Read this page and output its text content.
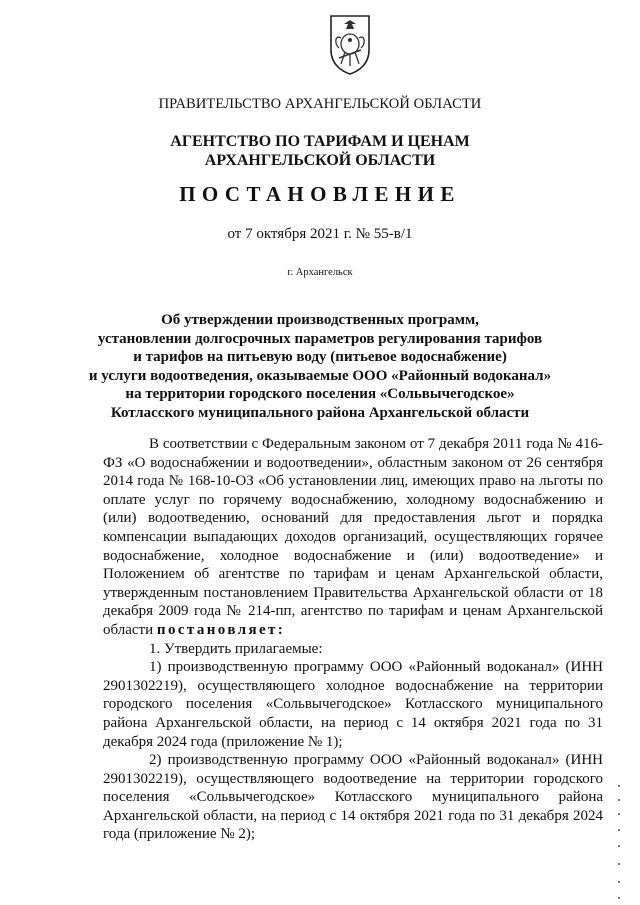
ПРАВИТЕЛЬСТВО АРХАНГЕЛЬСКОЙ ОБЛАСТИ
АГЕНТСТВО ПО ТАРИФАМ И ЦЕНАМ
АРХАНГЕЛЬСКОЙ ОБЛАСТИ
ПОСТАНОВЛЕНИЕ
от 7 октября 2021 г. № 55-в/1
г. Архангельск
Об утверждении производственных программ,
установлении долгосрочных параметров регулирования тарифов
и тарифов на питьевую воду (питьевое водоснабжение)
и услуги водоотведения, оказываемые ООО «Районный водоканал»
на территории городского поселения «Сольвычегодское»
Котласского муниципального района Архангельской области

В соответствии с Федеральным законом от 7 декабря 2011 года № 416-ФЗ «О водоснабжении и водоотведении», областным законом от 26 сентября 2014 года № 168-10-ОЗ «Об установлении лиц, имеющих право на льготы по оплате услуг по горячему водоснабжению, холодному водоснабжению и (или) водоотведению, оснований для предоставления льгот и порядка компенсации выпадающих доходов организаций, осуществляющих горячее водоснабжение, холодное водоснабжение и (или) водоотведение» и Положением об агентстве по тарифам и ценам Архангельской области, утвержденным постановлением Правительства Архангельской области от 18 декабря 2009 года № 214-пп, агентство по тарифам и ценам Архангельской области постановляет:

1. Утвердить прилагаемые:

1) производственную программу ООО «Районный водоканал» (ИНН 2901302219), осуществляющего холодное водоснабжение на территории городского поселения «Сольвычегодское» Котласского муниципального района Архангельской области, на период с 14 октября 2021 года по 31 декабря 2024 года (приложение № 1);

2) производственную программу ООО «Районный водоканал» (ИНН 2901302219), осуществляющего водоотведение на территории городского поселения «Сольвычегодское» Котласского муниципального района Архангельской области, на период с 14 октября 2021 года по 31 декабря 2024 года (приложение № 2);
